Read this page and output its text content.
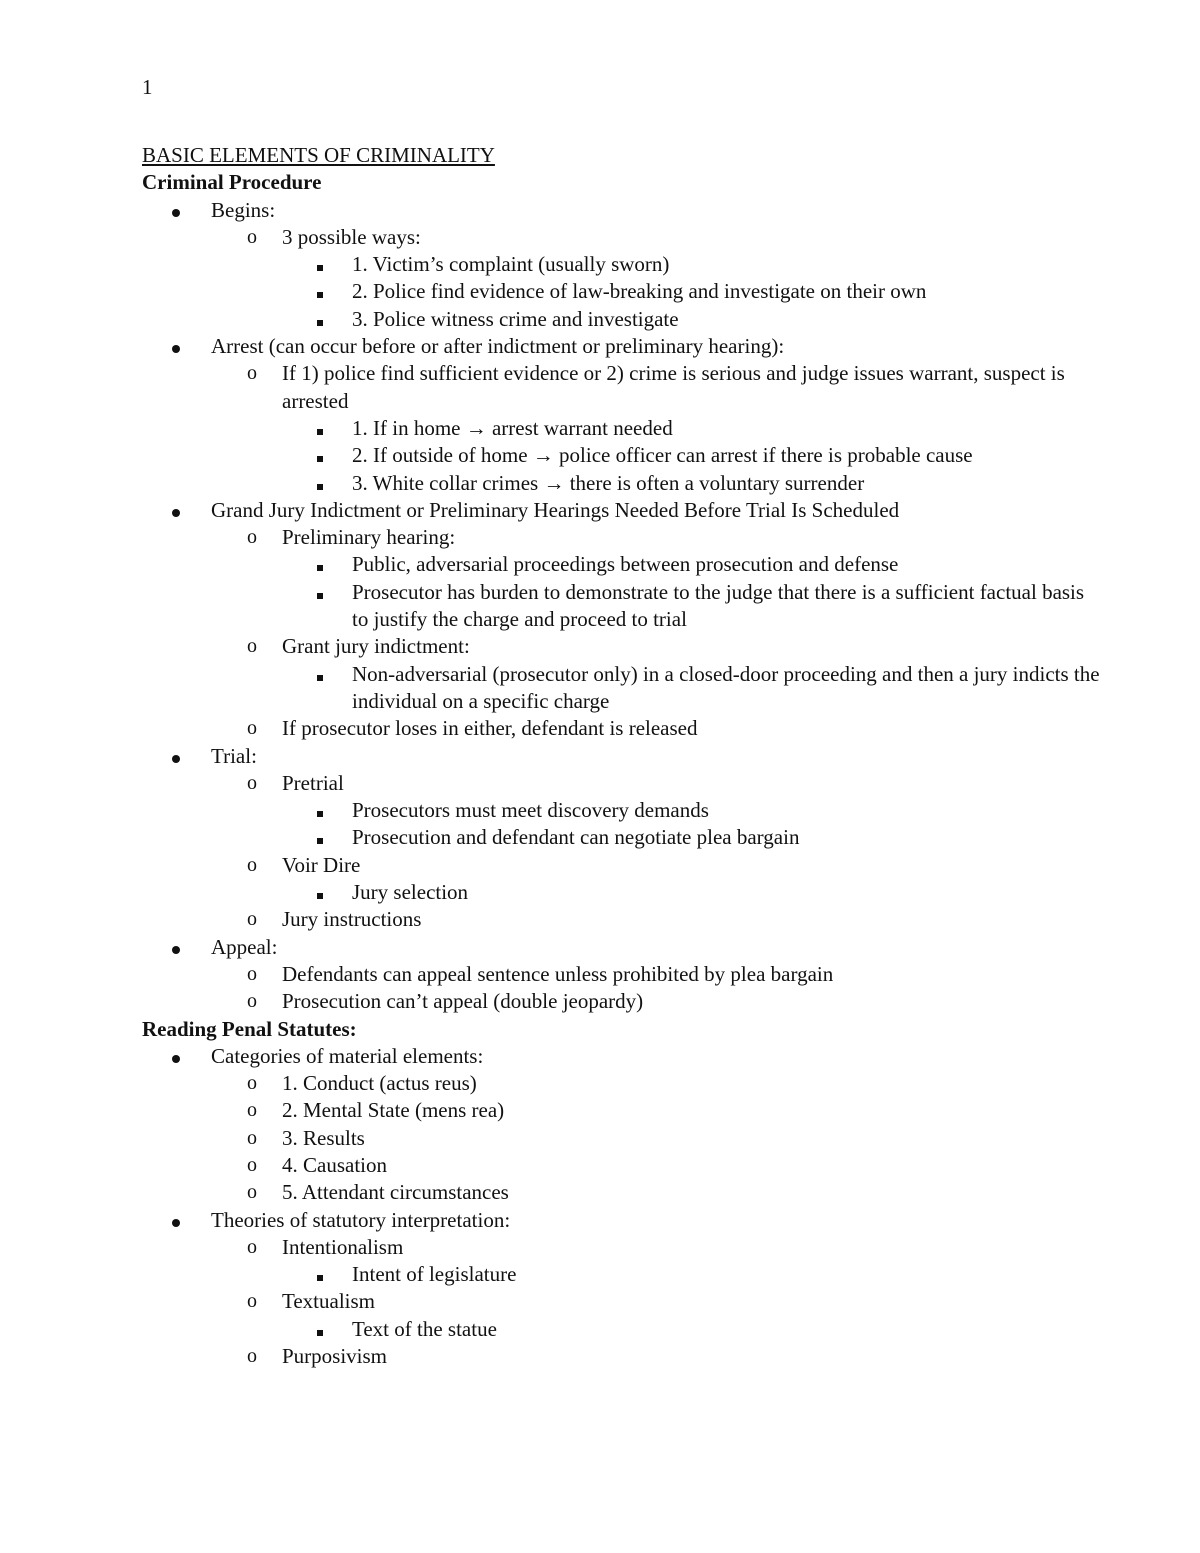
1
BASIC ELEMENTS OF CRIMINALITY
Criminal Procedure
Begins:
o 3 possible ways:
1. Victim’s complaint (usually sworn)
2. Police find evidence of law-breaking and investigate on their own
3. Police witness crime and investigate
Arrest (can occur before or after indictment or preliminary hearing):
o If 1) police find sufficient evidence or 2) crime is serious and judge issues warrant, suspect is arrested
1. If in home → arrest warrant needed
2. If outside of home → police officer can arrest if there is probable cause
3. White collar crimes → there is often a voluntary surrender
Grand Jury Indictment or Preliminary Hearings Needed Before Trial Is Scheduled
o Preliminary hearing:
Public, adversarial proceedings between prosecution and defense
Prosecutor has burden to demonstrate to the judge that there is a sufficient factual basis to justify the charge and proceed to trial
o Grant jury indictment:
Non-adversarial (prosecutor only) in a closed-door proceeding and then a jury indicts the individual on a specific charge
o If prosecutor loses in either, defendant is released
Trial:
o Pretrial
Prosecutors must meet discovery demands
Prosecution and defendant can negotiate plea bargain
o Voir Dire
Jury selection
o Jury instructions
Appeal:
o Defendants can appeal sentence unless prohibited by plea bargain
o Prosecution can’t appeal (double jeopardy)
Reading Penal Statutes:
Categories of material elements:
o 1. Conduct (actus reus)
o 2. Mental State (mens rea)
o 3. Results
o 4. Causation
o 5. Attendant circumstances
Theories of statutory interpretation:
o Intentionalism
Intent of legislature
o Textualism
Text of the statue
o Purposivism
